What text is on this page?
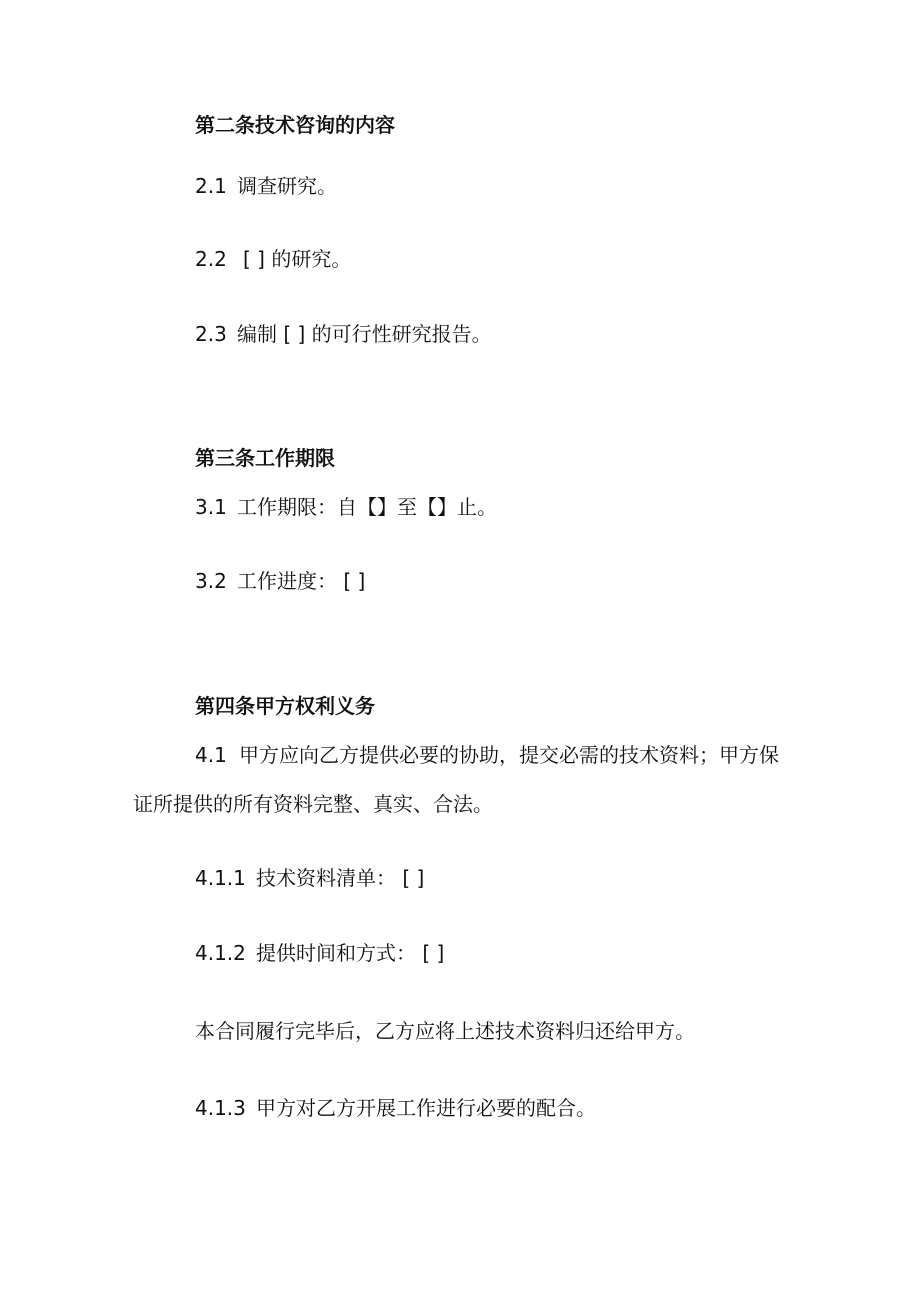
第二条技术咨询的内容
2.1 调查研究。
2.2 [ ] 的研究。
2.3 编制 [ ] 的可行性研究报告。
第三条工作期限
3.1 工作期限：自【】至【】止。
3.2 工作进度： [ ]
第四条甲方权利义务
4.1 甲方应向乙方提供必要的协助，提交必需的技术资料；甲方保
证所提供的所有资料完整、真实、合法。
4.1.1 技术资料清单： [ ]
4.1.2 提供时间和方式： [ ]
本合同履行完毕后，乙方应将上述技术资料归还给甲方。
4.1.3 甲方对乙方开展工作进行必要的配合。
